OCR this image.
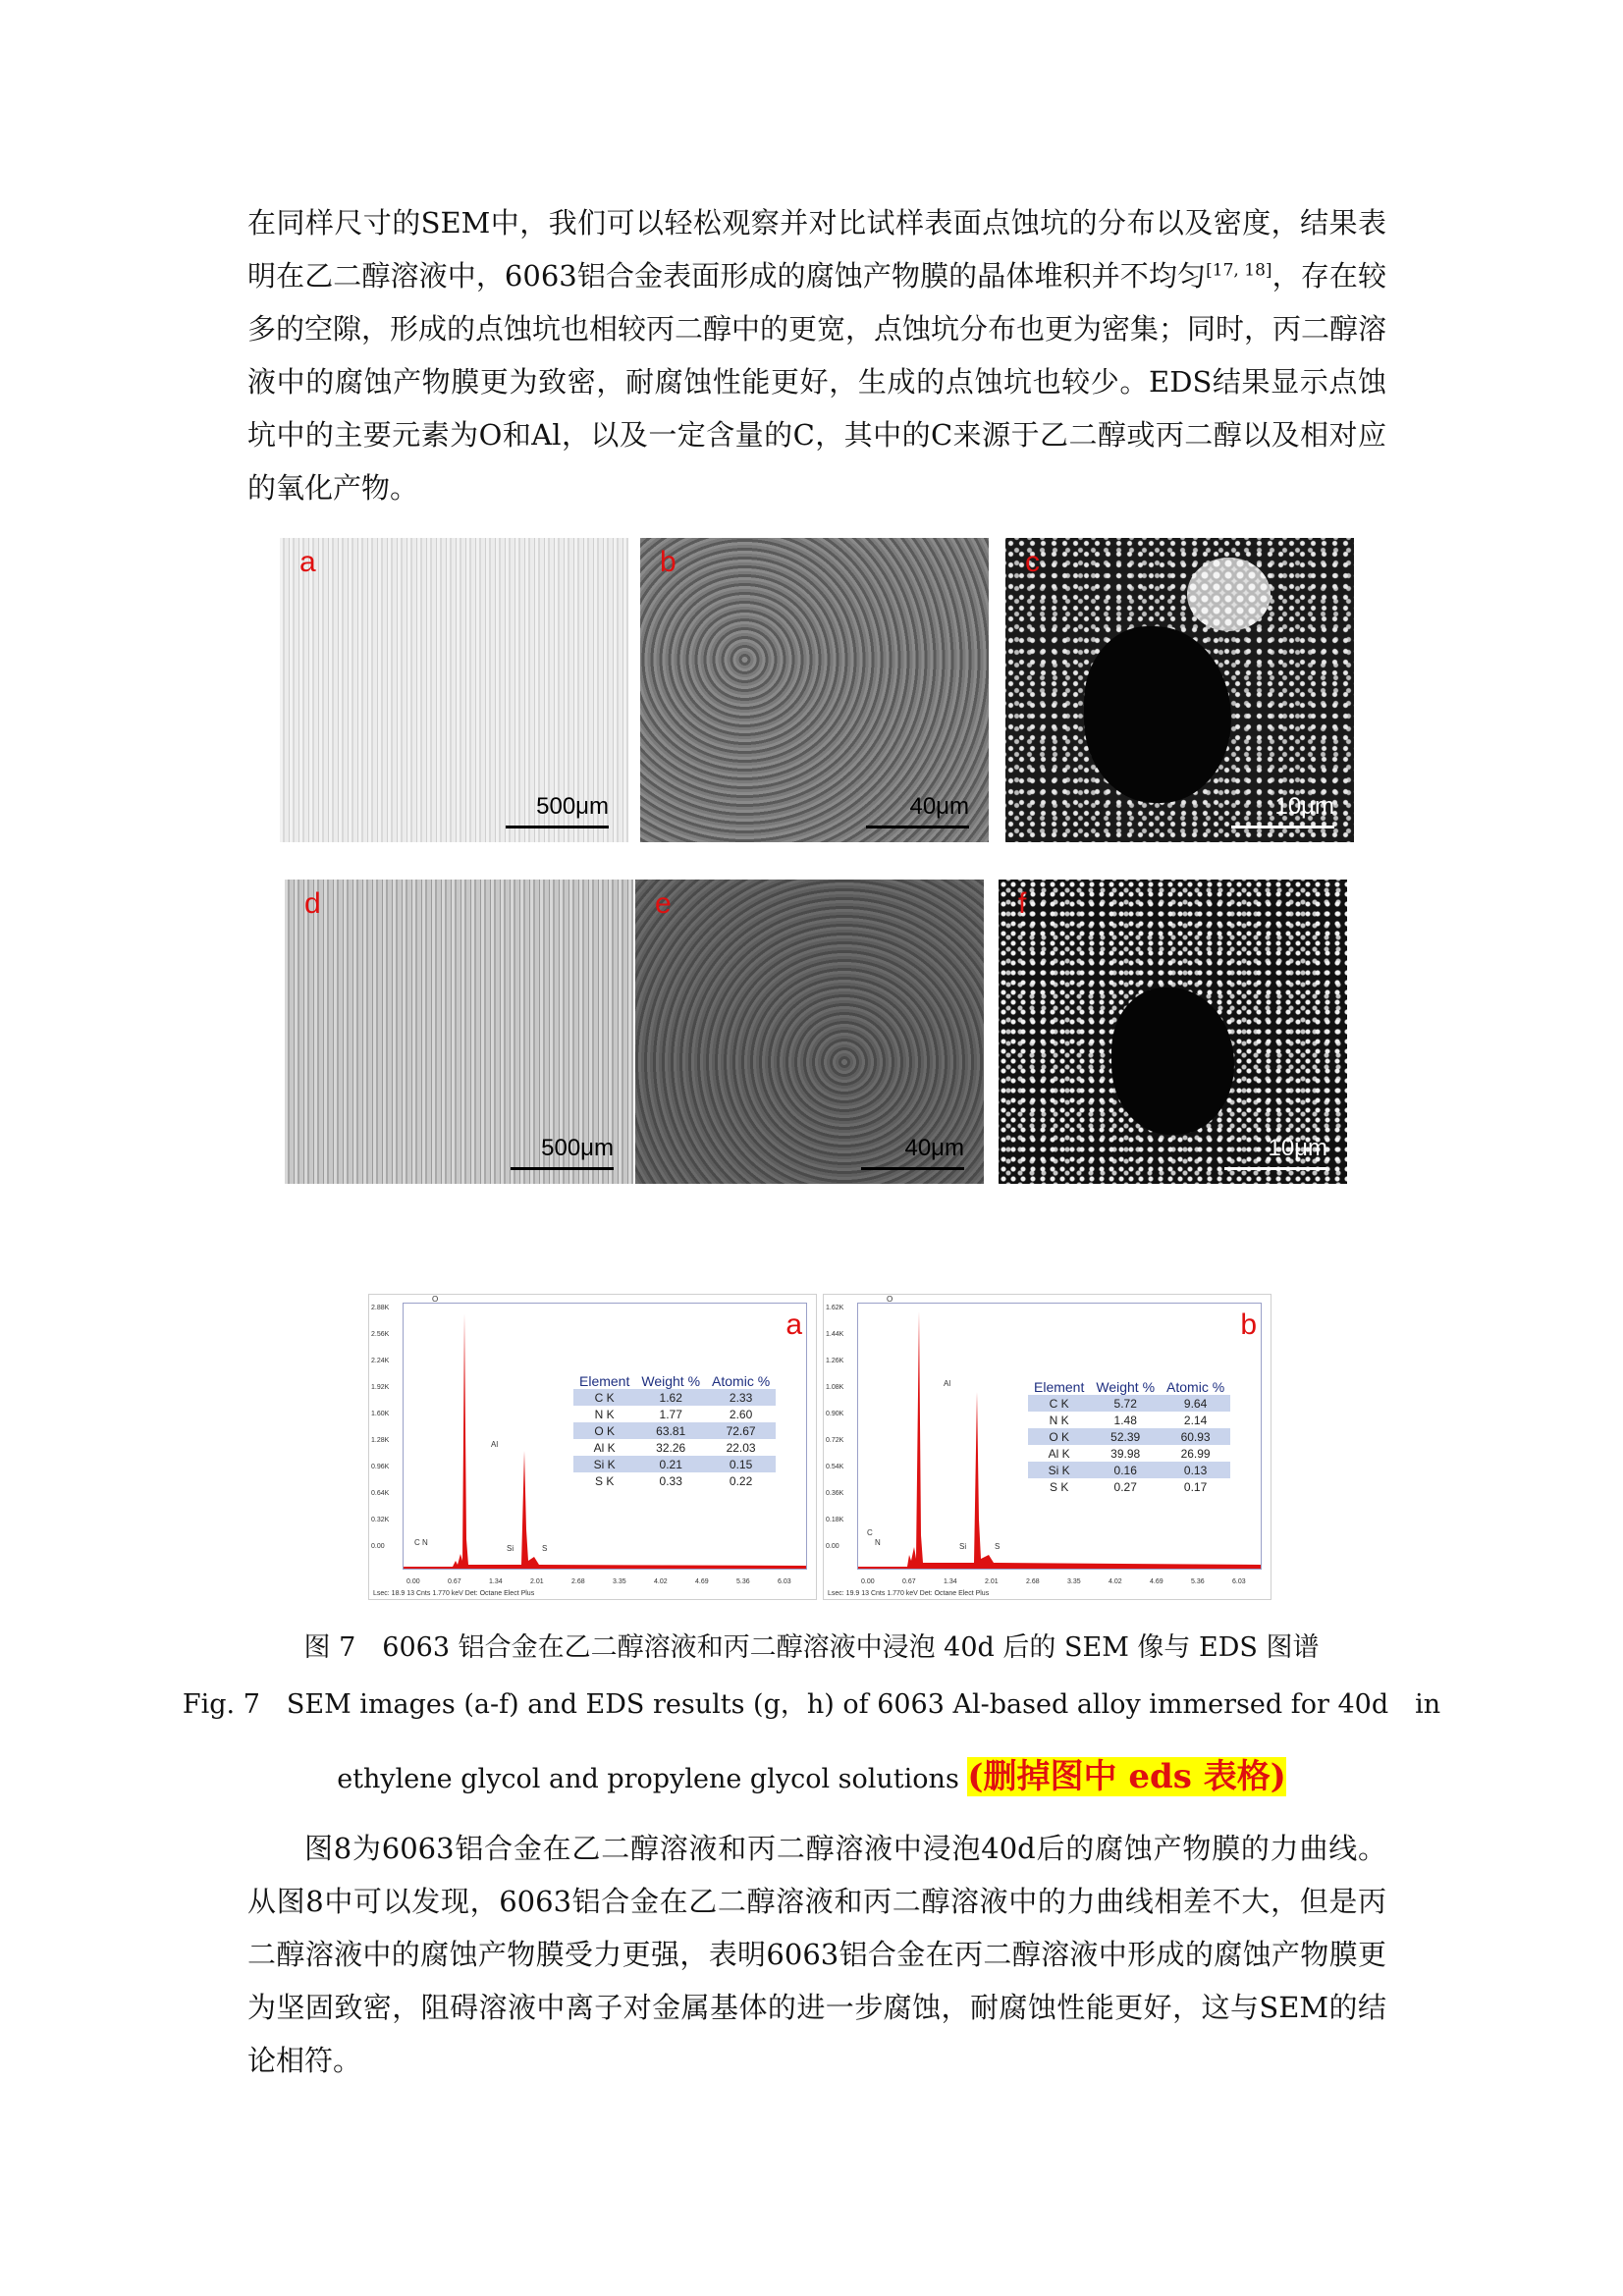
在同样尺寸的SEM中，我们可以轻松观察并对比试样表面点蚀坑的分布以及密度，结果表明在乙二醇溶液中，6063铝合金表面形成的腐蚀产物膜的晶体堆积并不均匀[17, 18]，存在较多的空隙，形成的点蚀坑也相较丙二醇中的更宽，点蚀坑分布也更为密集；同时，丙二醇溶液中的腐蚀产物膜更为致密，耐腐蚀性能更好，生成的点蚀坑也较少。EDS结果显示点蚀坑中的主要元素为O和Al，以及一定含量的C，其中的C来源于乙二醇或丙二醇以及相对应的氧化产物。
a
500μm
b
40μm
c
10μm
d
500μm
e
40μm
f
10μm
2.88K
2.56K
2.24K
1.92K
1.60K
1.28K
0.96K
0.64K
0.32K
0.00
0.00	0.67	1.34	2.01	2.68	3.35	4.02	4.69	5.36	6.03
O
Al
C N
Si	S
a
Element	Weight %	Atomic %
C K	1.62	2.33
N K	1.77	2.60
O K	63.81	72.67
Al K	32.26	22.03
Si K	0.21	0.15
S K	0.33	0.22
Lsec: 18.9 13 Cnts 1.770 keV Det: Octane Elect Plus
1.62K
1.44K
1.26K
1.08K
0.90K
0.72K
0.54K
0.36K
0.18K
0.00
0.00	0.67	1.34	2.01	2.68	3.35	4.02	4.69	5.36	6.03
O
Al
C
N	Si	S
b
Element	Weight %	Atomic %
C K	5.72	9.64
N K	1.48	2.14
O K	52.39	60.93
Al K	39.98	26.99
Si K	0.16	0.13
S K	0.27	0.17
Lsec: 19.9 13 Cnts 1.770 keV Det: Octane Elect Plus
图 7　6063 铝合金在乙二醇溶液和丙二醇溶液中浸泡 40d 后的 SEM 像与 EDS 图谱
Fig. 7　SEM images (a-f) and EDS results (g，h) of 6063 Al-based alloy immersed for 40d　in
ethylene glycol and propylene glycol solutions (删掉图中 eds 表格)
图8为6063铝合金在乙二醇溶液和丙二醇溶液中浸泡40d后的腐蚀产物膜的力曲线。从图8中可以发现，6063铝合金在乙二醇溶液和丙二醇溶液中的力曲线相差不大，但是丙二醇溶液中的腐蚀产物膜受力更强，表明6063铝合金在丙二醇溶液中形成的腐蚀产物膜更为坚固致密，阻碍溶液中离子对金属基体的进一步腐蚀，耐腐蚀性能更好，这与SEM的结论相符。
